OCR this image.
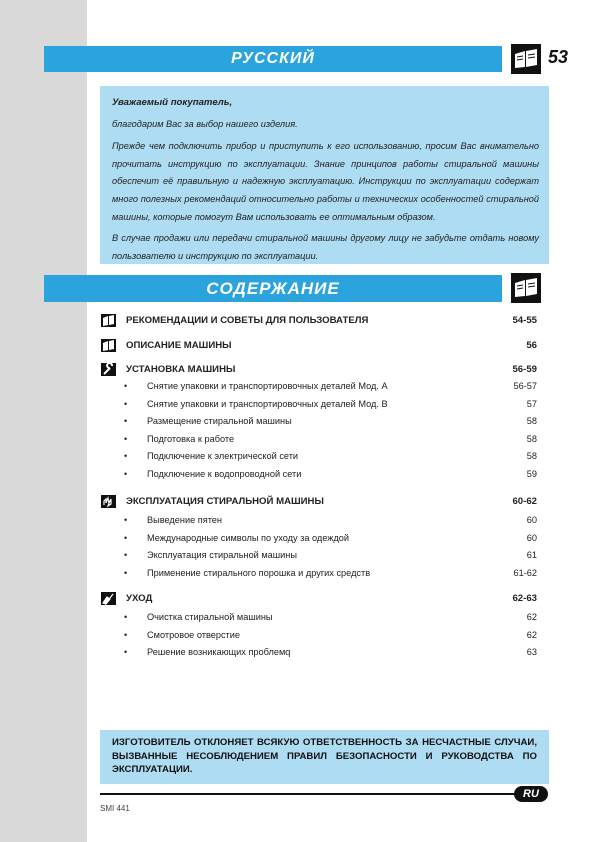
РУССКИЙ	53

Уважаемый покупатель,

благодарим Вас за выбор нашего изделия.

Прежде чем подключить прибор и приступить к его использованию, просим Вас внимательно прочитать инструкцию по эксплуатации. Знание принципов работы стиральной машины обеспечит её правильную и надежную эксплуатацию. Инструкции по эксплуатации содержат много полезных рекомендаций относительно работы и технических особенностей стиральной машины, которые помогут Вам использовать ее оптимальным образом.

В случае продажи или передачи стиральной машины другому лицу не забудьте отдать новому пользователю и инструкцию по эксплуатации.

СОДЕРЖАНИЕ
РЕКОМЕНДАЦИИ И СОВЕТЫ ДЛЯ ПОЛЬЗОВАТЕЛЯ	54-55
ОПИСАНИЕ МАШИНЫ	56
УСТАНОВКА МАШИНЫ	56-59
• Снятие упаковки и транспортировочных деталей Мод. A	56-57
• Снятие упаковки и транспортировочных деталей Мод. B	57
• Размещение стиральной машины	58
• Подготовка к работе	58
• Подключение к электрической сети	58
• Подключение к водопроводной сети	59
ЭКСПЛУАТАЦИЯ СТИРАЛЬНОЙ МАШИНЫ	60-62
• Выведение пятен	60
• Международные символы по уходу за одеждой	60
• Эксплуатация стиральной машины	61
• Применение стирального порошка и других средств	61-62
УХОД	62-63
• Очистка стиральной машины	62
• Смотровое отверстие	62
• Решение возникающих проблемq	63
ИЗГОТОВИТЕЛЬ ОТКЛОНЯЕТ ВСЯКУЮ ОТВЕТСТВЕННОСТЬ ЗА НЕСЧАСТНЫЕ СЛУЧАИ, ВЫЗВАННЫЕ НЕСОБЛЮДЕНИЕМ ПРАВИЛ БЕЗОПАСНОСТИ И РУКОВОДСТВА ПО ЭКСПЛУАТАЦИИ.
RU
SMI 441
